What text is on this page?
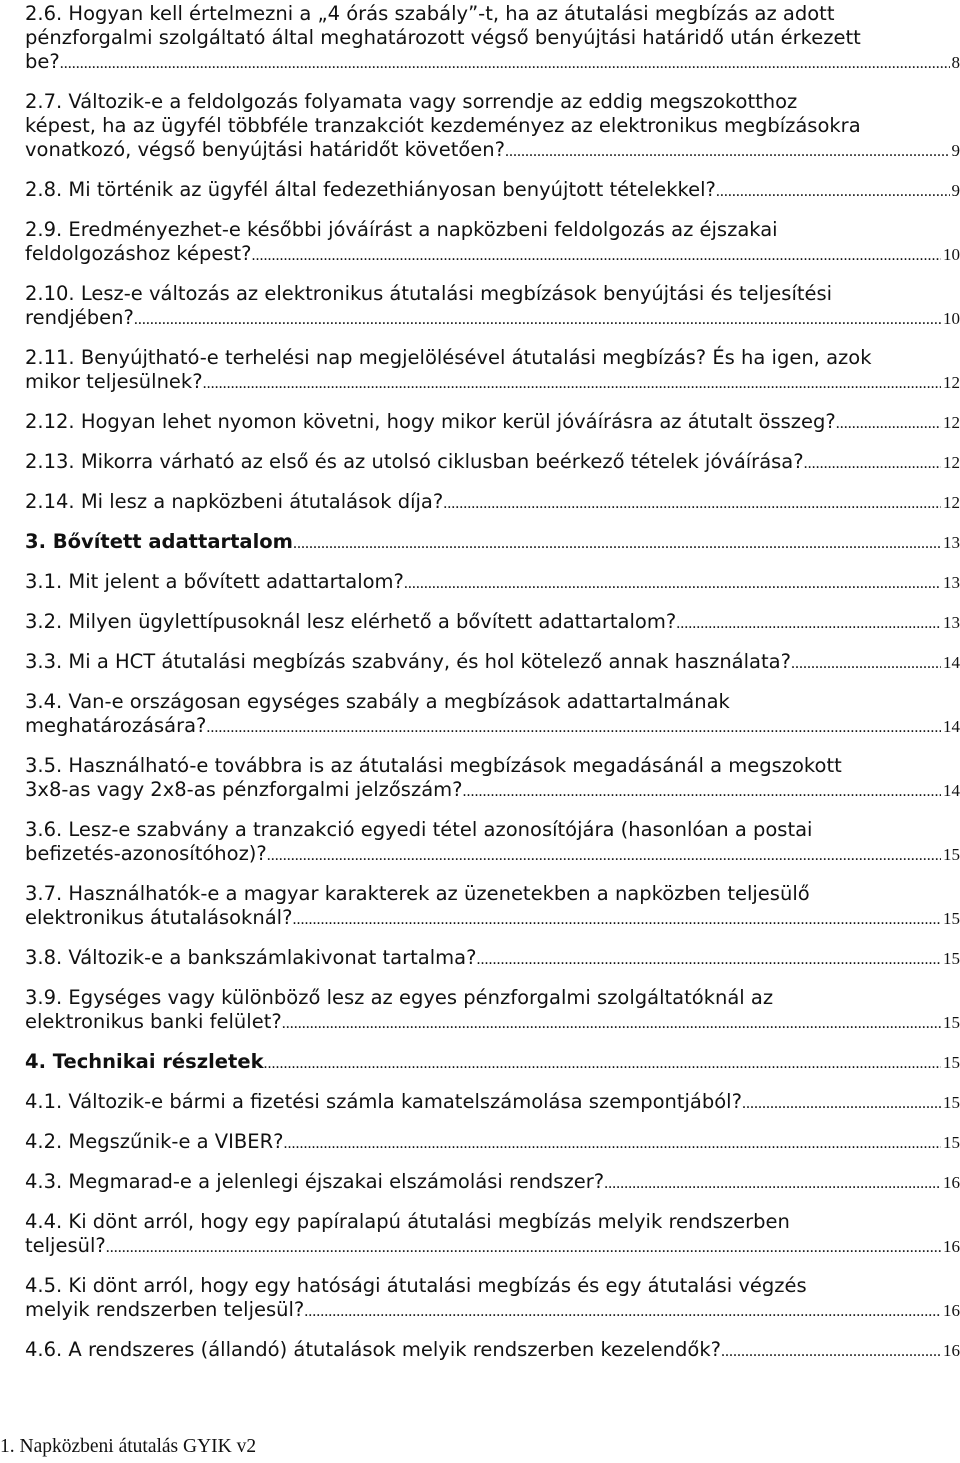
2.6. Hogyan kell értelmezni a „4 órás szabály”-t, ha az átutalási megbízás az adott
pénzforgalmi szolgáltató által meghatározott végső benyújtási határidő után érkezett
be? .....	8
2.7. Változik-e a feldolgozás folyamata vagy sorrendje az eddig megszokotthoz
képest, ha az ügyfél többféle tranzakciót kezdeményez az elektronikus megbízásokra
vonatkozó, végső benyújtási határidőt követően? .....	9
2.8. Mi történik az ügyfél által fedezethiányosan benyújtott tételekkel? .....	9
2.9. Eredményezhet-e későbbi jóváírást a napközbeni feldolgozás az éjszakai
feldolgozáshoz képest? .....	10
2.10. Lesz-e változás az elektronikus átutalási megbízások benyújtási és teljesítési
rendjében? .....	10
2.11. Benyújtható-e terhelési nap megjelölésével átutalási megbízás? És ha igen, azok
mikor teljesülnek? .....	12
2.12. Hogyan lehet nyomon követni, hogy mikor kerül jóváírásra az átutalt összeg? .....	12
2.13. Mikorra várható az első és az utolsó ciklusban beérkező tételek jóváírása? .....	12
2.14. Mi lesz a napközbeni átutalások díja? .....	12
3. Bővített adattartalom .....	13
3.1. Mit jelent a bővített adattartalom? .....	13
3.2. Milyen ügylettípusoknál lesz elérhető a bővített adattartalom? .....	13
3.3. Mi a HCT átutalási megbízás szabvány, és hol kötelező annak használata? .....	14
3.4. Van-e országosan egységes szabály a megbízások adattartalmának
meghatározására? .....	14
3.5. Használható-e továbbra is az átutalási megbízások megadásánál a megszokott
3x8-as vagy 2x8-as pénzforgalmi jelzőszám? .....	14
3.6. Lesz-e szabvány a tranzakció egyedi tétel azonosítójára (hasonlóan a postai
befizetés-azonosítóhoz)? .....	15
3.7. Használhatók-e a magyar karakterek az üzenetekben a napközben teljesülő
elektronikus átutalásoknál? .....	15
3.8. Változik-e a bankszámlakivonat tartalma? .....	15
3.9. Egységes vagy különböző lesz az egyes pénzforgalmi szolgáltatóknál az
elektronikus banki felület? .....	15
4. Technikai részletek .....	15
4.1. Változik-e bármi a fizetési számla kamatelszámolása szempontjából? .....	15
4.2. Megszűnik-e a VIBER? .....	15
4.3. Megmarad-e a jelenlegi éjszakai elszámolási rendszer? .....	16
4.4. Ki dönt arról, hogy egy papíralapú átutalási megbízás melyik rendszerben
teljesül? .....	16
4.5. Ki dönt arról, hogy egy hatósági átutalási megbízás és egy átutalási végzés
melyik rendszerben teljesül? .....	16
4.6. A rendszeres (állandó) átutalások melyik rendszerben kezelendők? .....	16
1. Napközbeni átutalás GYIK v2
